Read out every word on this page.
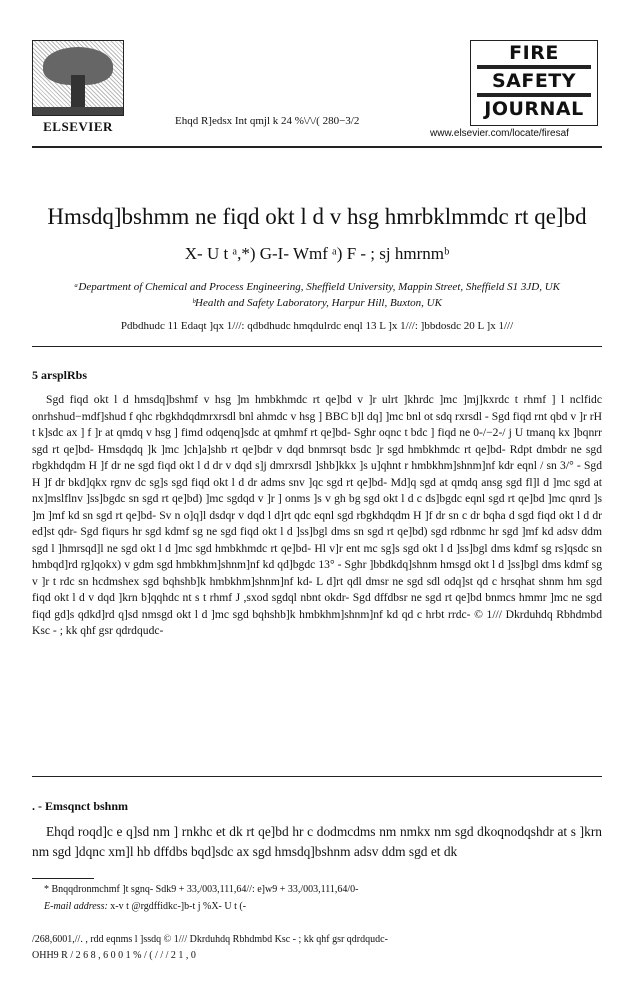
ELSEVIER	Ehqd R]edsx Int qmjl k 24 %\/\/( 280−3/2
FIRE
SAFETY
JOURNAL
www.elsevier.com/locate/firesaf
Hmsdq]bshmm ne fiqd okt l d v hsg hmrbklmmdc rt qe]bd
X- U t ᵃ,*) G-I- Wmf ᵃ) F - ; sj hmrnmᵇ
ᵃDepartment of Chemical and Process Engineering, Sheffield University, Mappin Street, Sheffield S1 3JD, UK
ᵇHealth and Safety Laboratory, Harpur Hill, Buxton, UK
Pdbdhudc 11 Edaqt ]qx 1///: qdbdhudc hmqdulrdc enql 13 L ]x 1///: ]bbdosdc 20 L ]x 1///
5 arsplRbs
Sgd fiqd okt l d hmsdq]bshmf v hsg ]m hmbkhmdc rt qe]bd v ]r ulrt ]khrdc ]mc ]mj]kxrdc t rhmf ] l nclfidc onrhshud−mdf]shud f qhc rbgkhdqdmrxrsdl bnl ahmdc v hsg ] BBC b]l dq] ]mc bnl ot sdq rxrsdl - Sgd fiqd rnt qbd v ]r rH t k]sdc ax ] f ]r at qmdq v hsg ] fimd odqenq]sdc at qmhmf rt qe]bd- Sghr oqnc t bdc ] fiqd ne 0-/−2-/ j U tmanq kx ]bqnrr sgd rt qe]bd- Hmsdqdq ]k ]mc ]ch]a]shb rt qe]bdr v dqd bnmrsqt bsdc ]r sgd hmbkhmdc rt qe]bd- Rdpt dmbdr ne sgd rbgkhdqdm H ]f dr ne sgd fiqd okt l d dr v dqd s]j dmrxrsdl ]shb]kkx ]s u]qhnt r hmbkhm]shnm]nf kdr eqnl / sn 3/° - Sgd H ]f dr bkd]qkx rgnv dc sg]s sgd fiqd okt l d dr adms snv ]qc sgd rt qe]bd- Md]q sgd at qmdq ansg sgd fl]l d ]mc sgd at nx]mslflnv ]ss]bgdc sn sgd rt qe]bd) ]mc sgdqd v ]r ] onms ]s v gh bg sgd okt l d c ds]bgdc eqnl sgd rt qe]bd ]mc qnrd ]s ]m ]mf kd sn sgd rt qe]bd- Sv n o]q]l dsdqr v dqd l d]rt qdc eqnl sgd rbgkhdqdm H ]f dr sn c dr bqha d sgd fiqd okt l d dr ed]st qdr- Sgd fiqurs hr sgd kdmf sg ne sgd fiqd okt l d ]ss]bgl dms sn sgd rt qe]bd) sgd rdbnmc hr sgd ]mf kd adsv ddm sgd l ]hmrsqd]l ne sgd okt l d ]mc sgd hmbkhmdc rt qe]bd- Hl v]r ent mc sg]s sgd okt l d ]ss]bgl dms kdmf sg rs]qsdc sn hmbqd]rd rg]qokx) v gdm sgd hmbkhm]shnm]nf kd qd]bgdc 13° - Sghr ]bbdkdq]shnm hmsgd okt l d ]ss]bgl dms kdmf sg v ]r t rdc sn hcdmshex sgd bqhshb]k hmbkhm]shnm]nf kd- L d]rt qdl dmsr ne sgd sdl odq]st qd c hrsqhat shnm hm sgd fiqd okt l d v dqd ]krn b]qqhdc nt s t rhmf J ,sxod sgdql nbnt okdr- Sgd dffdbsr ne sgd rt qe]bd bnmcs hmmr ]mc ne sgd fiqd gd]s qdkd]rd q]sd nmsgd okt l d ]mc sgd bqhshb]k hmbkhm]shnm]nf kd qd c hrbt rrdc- © 1/// Dkrduhdq Rbhdmbd Ksc - ; kk qhf gsr qdrdqudc-
. - Emsqnct bshnm
Ehqd roqd]c e q]sd nm ] rnkhc et dk rt qe]bd hr c dodmcdms nm nmkx nm sgd dkoqnodqshdr at s ]krn nm sgd ]dqnc xm]l hb dffdbs bqd]sdc ax sgd hmsdq]bshnm adsv ddm sgd et dk
* Bnqqdronmchmf ]t sgnq- Sdk9 + 33,/003,111,64//: e]w9 + 33,/003,111,64/0-
E-mail address: x-v t @rgdffidkc-]b-t j %X- U t (-
/268,6001,//. , rdd eqnms l ]ssdq © 1/// Dkrduhdq Rbhdmbd Ksc - ; kk qhf gsr qdrdqudc-
OHH9 R / 2 6 8 , 6 0 0 1 % / ( / / / 2 1 , 0
